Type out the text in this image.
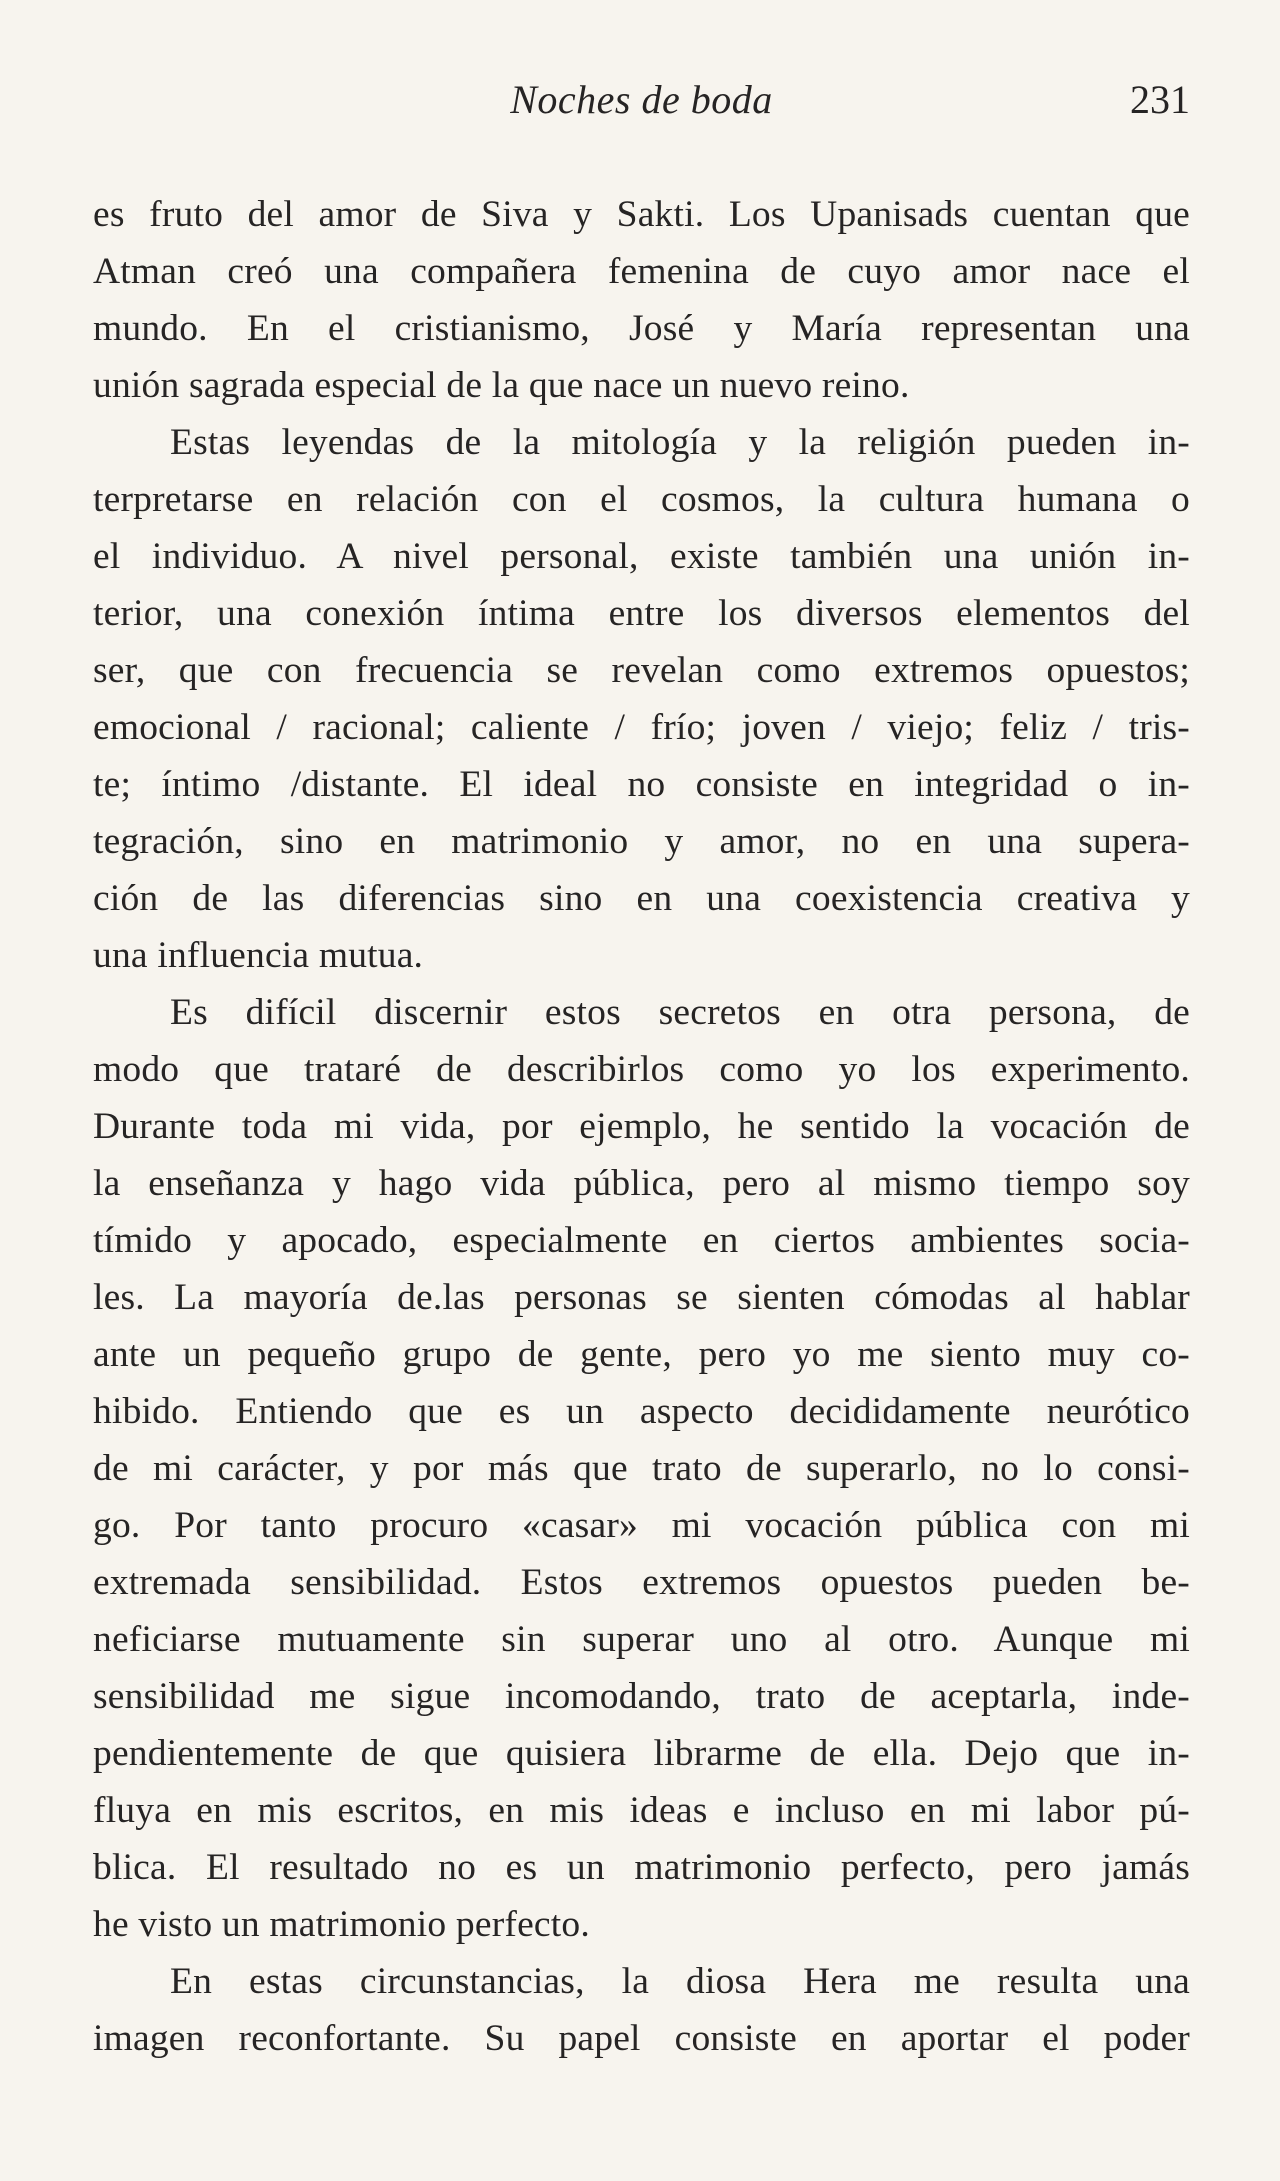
Noches de boda	231
es fruto del amor de Siva y Sakti. Los Upanisads cuentan que
Atman creó una compañera femenina de cuyo amor nace el
mundo. En el cristianismo, José y María representan una
unión sagrada especial de la que nace un nuevo reino.
Estas leyendas de la mitología y la religión pueden in-
terpretarse en relación con el cosmos, la cultura humana o
el individuo. A nivel personal, existe también una unión in-
terior, una conexión íntima entre los diversos elementos del
ser, que con frecuencia se revelan como extremos opuestos;
emocional / racional; caliente / frío; joven / viejo; feliz / tris-
te; íntimo /distante. El ideal no consiste en integridad o in-
tegración, sino en matrimonio y amor, no en una supera-
ción de las diferencias sino en una coexistencia creativa y
una influencia mutua.
Es difícil discernir estos secretos en otra persona, de
modo que trataré de describirlos como yo los experimento.
Durante toda mi vida, por ejemplo, he sentido la vocación de
la enseñanza y hago vida pública, pero al mismo tiempo soy
tímido y apocado, especialmente en ciertos ambientes socia-
les. La mayoría de.las personas se sienten cómodas al hablar
ante un pequeño grupo de gente, pero yo me siento muy co-
hibido. Entiendo que es un aspecto decididamente neurótico
de mi carácter, y por más que trato de superarlo, no lo consi-
go. Por tanto procuro «casar» mi vocación pública con mi
extremada sensibilidad. Estos extremos opuestos pueden be-
neficiarse mutuamente sin superar uno al otro. Aunque mi
sensibilidad me sigue incomodando, trato de aceptarla, inde-
pendientemente de que quisiera librarme de ella. Dejo que in-
fluya en mis escritos, en mis ideas e incluso en mi labor pú-
blica. El resultado no es un matrimonio perfecto, pero jamás
he visto un matrimonio perfecto.
En estas circunstancias, la diosa Hera me resulta una
imagen reconfortante. Su papel consiste en aportar el poder
